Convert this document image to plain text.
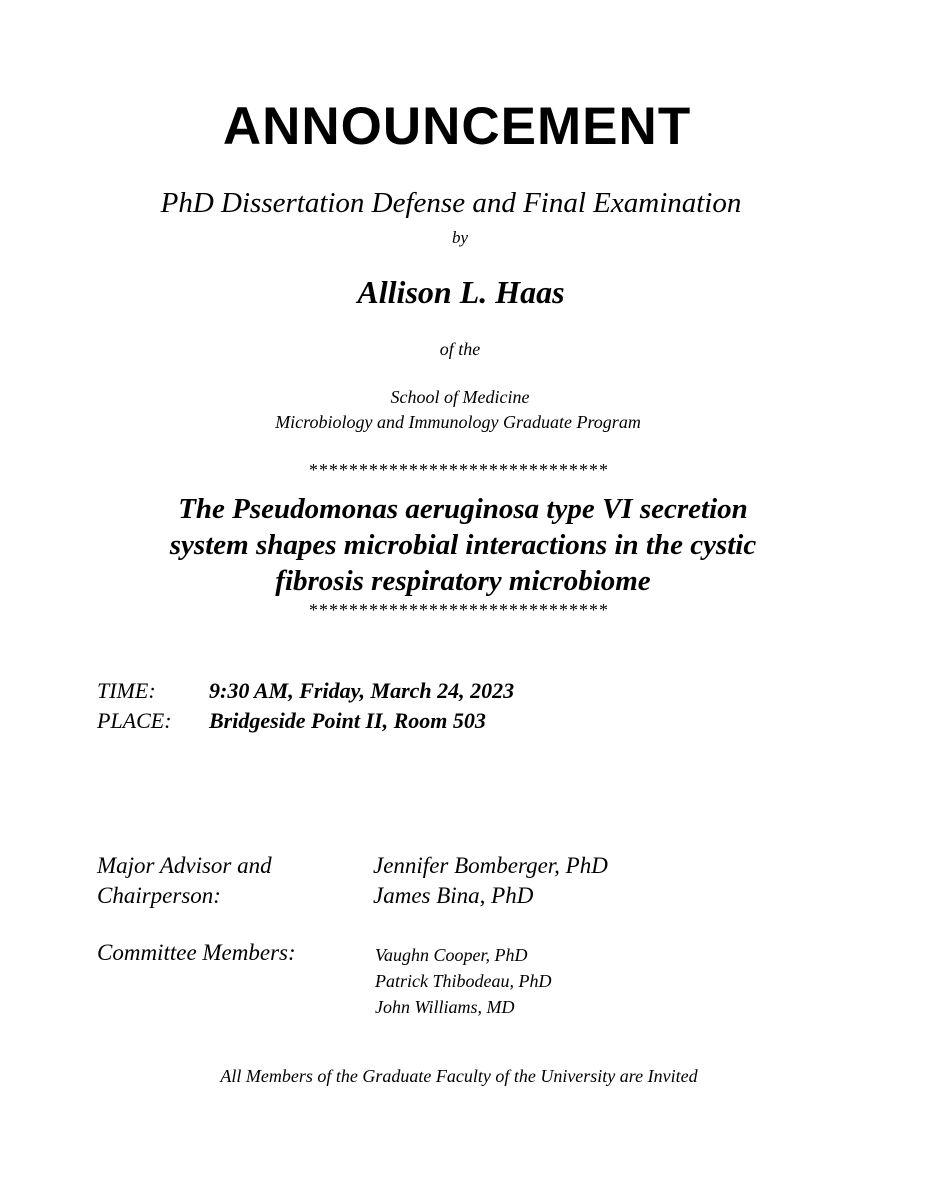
ANNOUNCEMENT
PhD Dissertation Defense and Final Examination
by
Allison L. Haas
of the
School of Medicine
Microbiology and Immunology Graduate Program
******************************
The Pseudomonas aeruginosa type VI secretion
system shapes microbial interactions in the cystic
fibrosis respiratory microbiome
******************************
TIME: 9:30 AM, Friday, March 24, 2023
PLACE: Bridgeside Point II, Room 503
Major Advisor and
Chairperson:
Jennifer Bomberger, PhD
James Bina, PhD
Committee Members:	Vaughn Cooper, PhD
Patrick Thibodeau, PhD
John Williams, MD
All Members of the Graduate Faculty of the University are Invited
